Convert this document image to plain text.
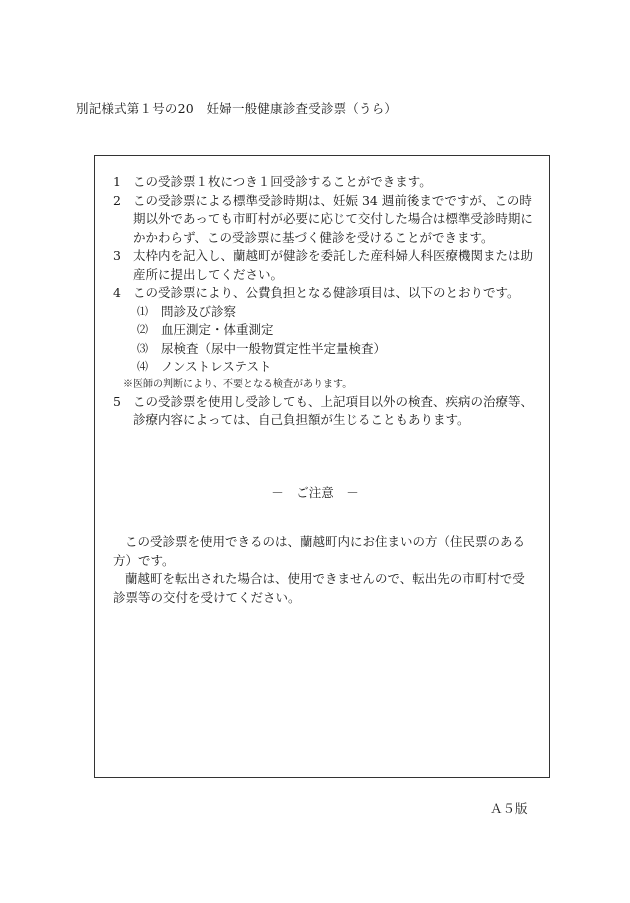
別記様式第１号の20　妊婦一般健康診査受診票（うら）
1 この受診票１枚につき１回受診することができます。
2 この受診票による標準受診時期は、妊娠 34 週前後までですが、この時期以外であっても市町村が必要に応じて交付した場合は標準受診時期にかかわらず、この受診票に基づく健診を受けることができます。
3 太枠内を記入し、蘭越町が健診を委託した産科婦人科医療機関または助産所に提出してください。
4 この受診票により、公費負担となる健診項目は、以下のとおりです。
⑴	問診及び診察
⑵	血圧測定・体重測定
⑶	尿検査（尿中一般物質定性半定量検査）
⑷	ノンストレステスト
※医師の判断により、不要となる検査があります。
5 この受診票を使用し受診しても、上記項目以外の検査、疾病の治療等、診療内容によっては、自己負担額が生じることもあります。
－　ご注意　－

この受診票を使用できるのは、蘭越町内にお住まいの方（住民票のある方）です。

蘭越町を転出された場合は、使用できませんので、転出先の市町村で受診票等の交付を受けてください。

Ａ５版
